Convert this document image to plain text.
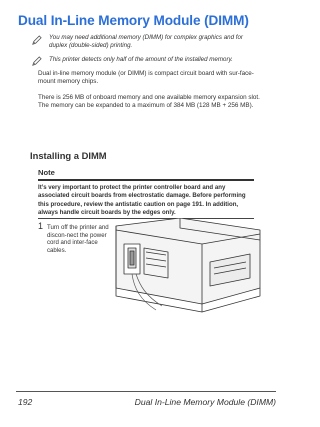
Dual In-Line Memory Module (DIMM)
You may need additional memory (DIMM) for complex graphics and for duplex (double-sided) printing.
This printer detects only half of the amount of the installed memory.
Dual in-line memory module (or DIMM) is compact circuit board with sur-face-mount memory chips.
There is 256 MB of onboard memory and one available memory expansion slot. The memory can be expanded to a maximum of 384 MB (128 MB + 256 MB).
Installing a DIMM
Note
It’s very important to protect the printer controller board and any associated circuit boards from electrostatic damage. Before performing this procedure, review the antistatic caution on page 191. In addition, always handle circuit boards by the edges only.
1 Turn off the printer and discon-nect the power cord and inter-face cables.
192	Dual In-Line Memory Module (DIMM)
